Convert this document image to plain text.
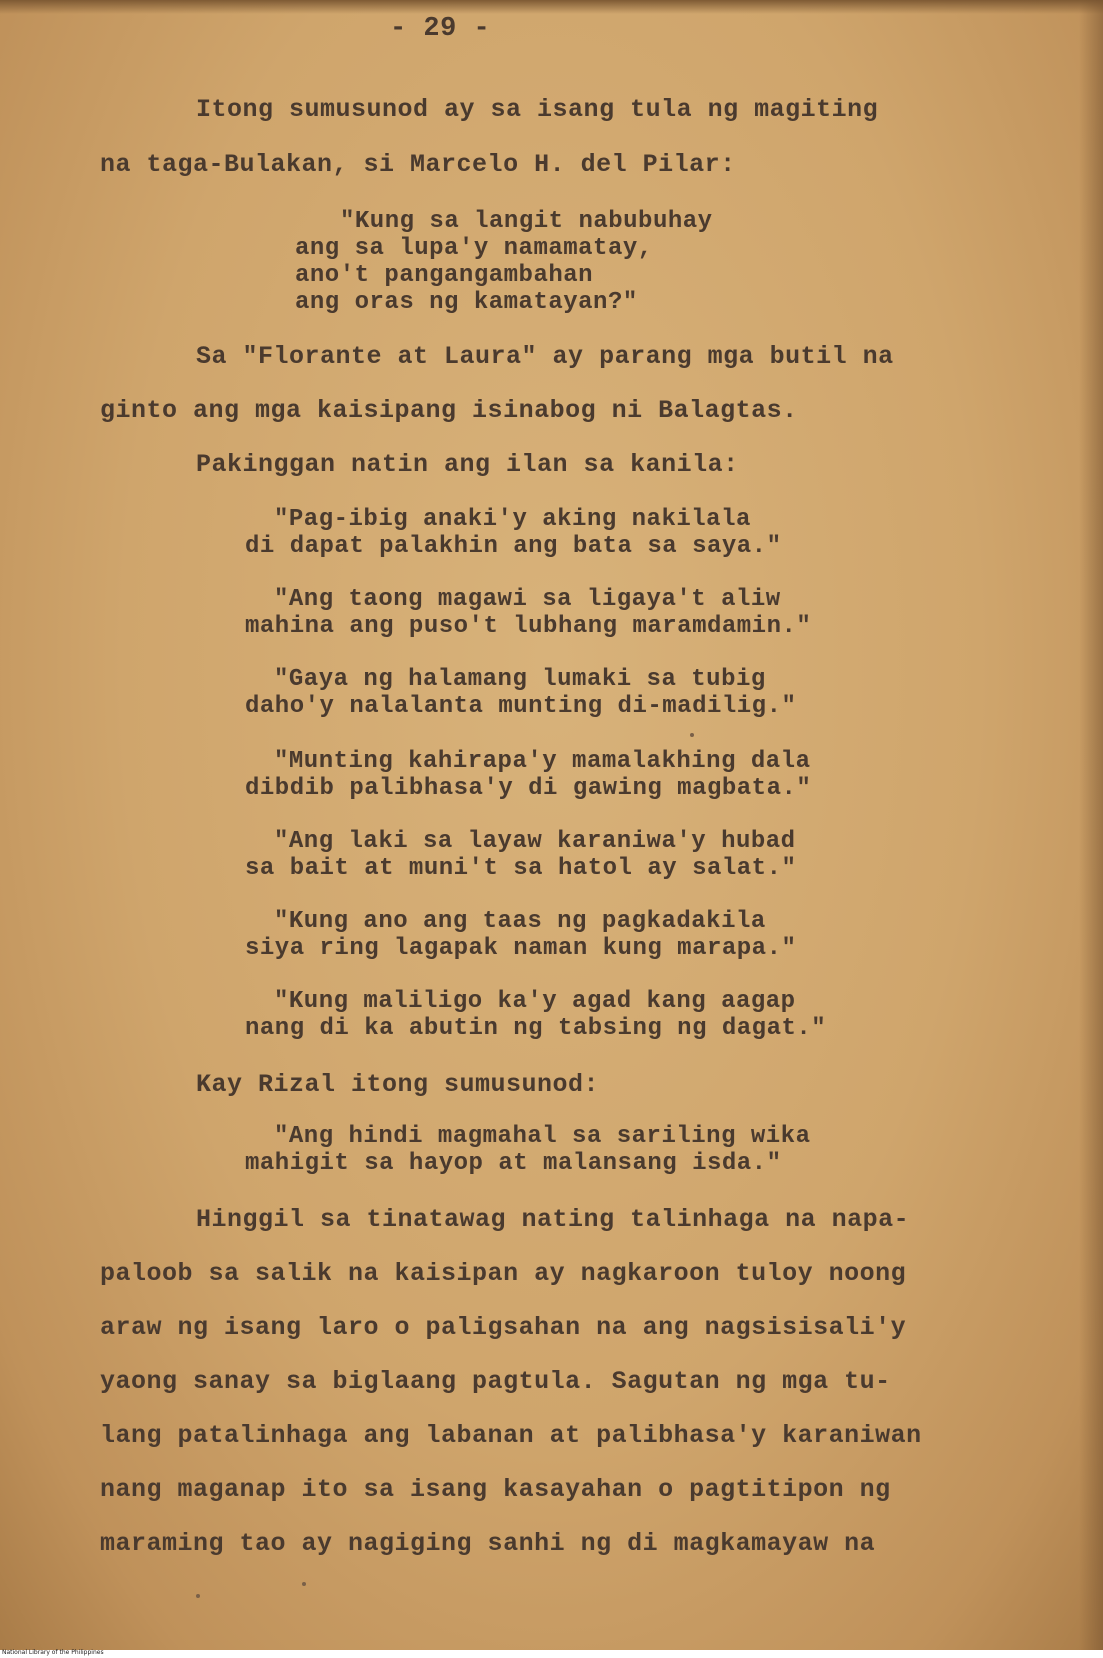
- 29 -
Itong sumusunod ay sa isang tula ng magiting
na taga-Bulakan, si Marcelo H. del Pilar:
"Kung sa langit nabubuhay
ang sa lupa'y namamatay,
ano't pangangambahan
ang oras ng kamatayan?"
Sa "Florante at Laura" ay parang mga butil na
ginto ang mga kaisipang isinabog ni Balagtas.
Pakinggan natin ang ilan sa kanila:
"Pag-ibig anaki'y aking nakilala
di dapat palakhin ang bata sa saya."
"Ang taong magawi sa ligaya't aliw
mahina ang puso't lubhang maramdamin."
"Gaya ng halamang lumaki sa tubig
daho'y nalalanta munting di-madilig."
"Munting kahirapa'y mamalakhing dala
dibdib palibhasa'y di gawing magbata."
"Ang laki sa layaw karaniwa'y hubad
sa bait at muni't sa hatol ay salat."
"Kung ano ang taas ng pagkadakila
siya ring lagapak naman kung marapa."
"Kung maliligo ka'y agad kang aagap
nang di ka abutin ng tabsing ng dagat."
Kay Rizal itong sumusunod:
"Ang hindi magmahal sa sariling wika
mahigit sa hayop at malansang isda."
Hinggil sa tinatawag nating talinhaga na napa-
paloob sa salik na kaisipan ay nagkaroon tuloy noong
araw ng isang laro o paligsahan na ang nagsisisali'y
yaong sanay sa biglaang pagtula. Sagutan ng mga tu-
lang patalinhaga ang labanan at palibhasa'y karaniwan
nang maganap ito sa isang kasayahan o pagtitipon ng
maraming tao ay nagiging sanhi ng di magkamayaw na
National Library of the Philippines
